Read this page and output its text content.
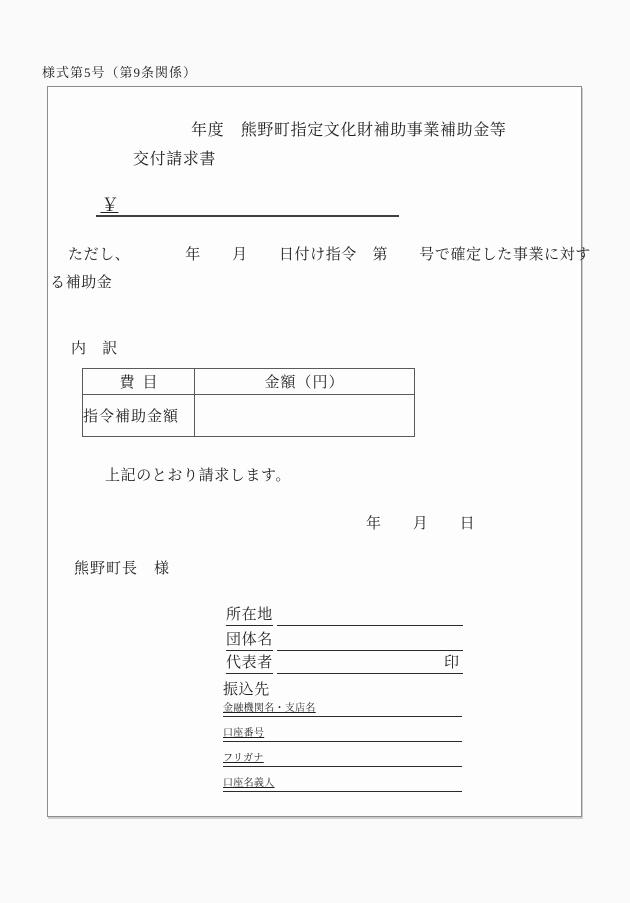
様式第5号（第9条関係）
年度　熊野町指定文化財補助事業補助金等
交付請求書
￥
ただし、　　　　年　　月　　日付け指令　第　　号で確定した事業に対す
る補助金
内　訳
費目	金額（円）
指令補助金額	
上記のとおり請求します。
年　　月　　日
熊野町長　様
所在地
団体名
代表者	印
振込先
金融機関名・支店名
口座番号
フリガナ
口座名義人
